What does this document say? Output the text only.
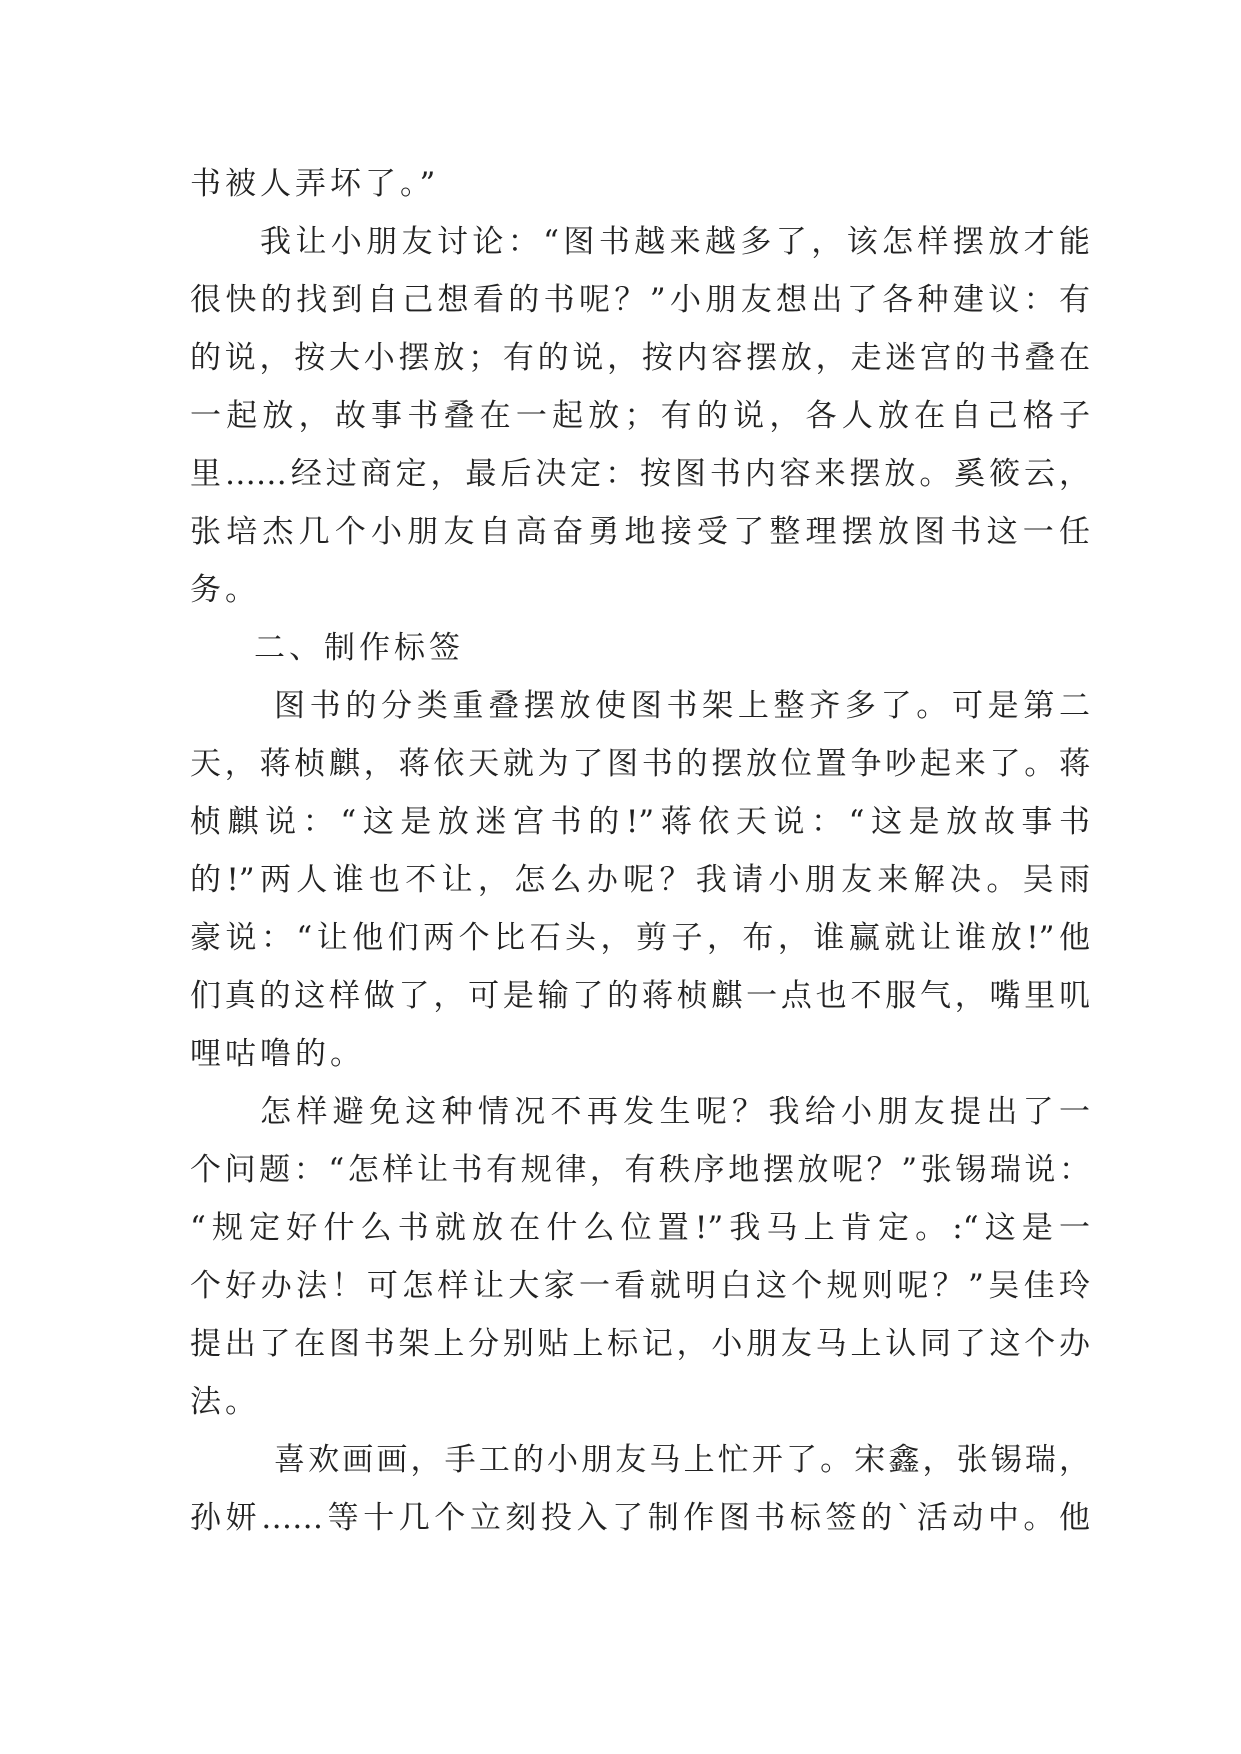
书被人弄坏了。”
我让小朋友讨论：“图书越来越多了，该怎样摆放才能
很快的找到自己想看的书呢？”小朋友想出了各种建议：有
的说，按大小摆放；有的说，按内容摆放，走迷宫的书叠在
一起放，故事书叠在一起放；有的说，各人放在自己格子
里……经过商定，最后决定：按图书内容来摆放。奚筱云，
张培杰几个小朋友自高奋勇地接受了整理摆放图书这一任
务。
二、制作标签
图书的分类重叠摆放使图书架上整齐多了。可是第二
天，蒋桢麒，蒋依天就为了图书的摆放位置争吵起来了。蒋
桢麒说：“这是放迷宫书的!”蒋依天说：“这是放故事书
的!”两人谁也不让，怎么办呢？我请小朋友来解决。吴雨
豪说：“让他们两个比石头，剪子，布，谁赢就让谁放!”他
们真的这样做了，可是输了的蒋桢麒一点也不服气，嘴里叽
哩咕噜的。
怎样避免这种情况不再发生呢？我给小朋友提出了一
个问题：“怎样让书有规律，有秩序地摆放呢？”张锡瑞说：
“规定好什么书就放在什么位置!”我马上肯定。:“这是一
个好办法！可怎样让大家一看就明白这个规则呢？”吴佳玲
提出了在图书架上分别贴上标记，小朋友马上认同了这个办
法。
喜欢画画，手工的小朋友马上忙开了。宋鑫，张锡瑞，
孙妍……等十几个立刻投入了制作图书标签的`活动中。他
